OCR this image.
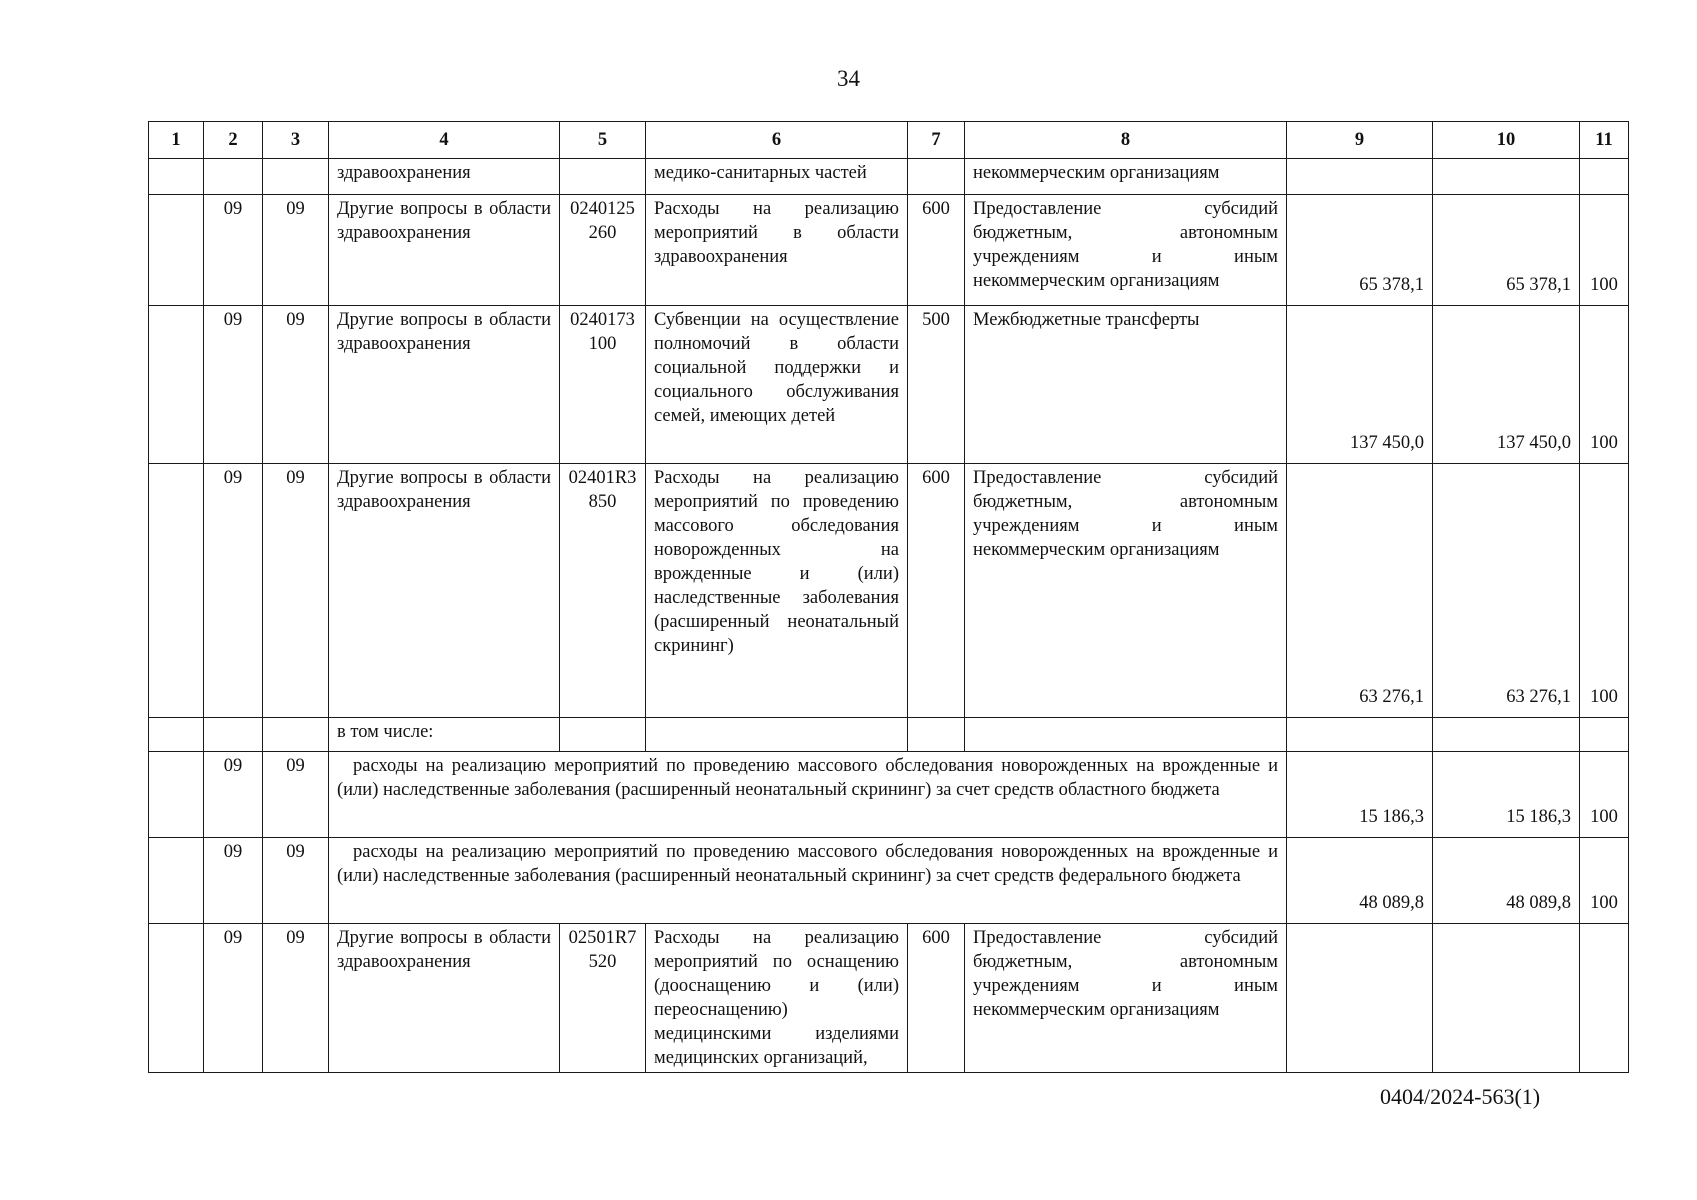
34
1	2	3	4	5	6	7	8	9	10	11
			здравоохранения		медико-санитарных частей		некоммерческим организациям			
	09	09	Другие вопросы в области здравоохранения	0240125260	Расходы на реализацию мероприятий в области здравоохранения	600	Предоставление субсидий бюджетным, автономным учреждениям и иным некоммерческим организациям	65 378,1	65 378,1	100
	09	09	Другие вопросы в области здравоохранения	0240173100	Субвенции на осуществление полномочий в области социальной поддержки и социального обслуживания семей, имеющих детей	500	Межбюджетные трансферты	137 450,0	137 450,0	100
	09	09	Другие вопросы в области здравоохранения	02401R3850	Расходы на реализацию мероприятий по проведению массового обследования новорожденных на врожденные и (или) наследственные заболевания (расширенный неонатальный скрининг)	600	Предоставление субсидий бюджетным, автономным учреждениям и иным некоммерческим организациям	63 276,1	63 276,1	100
			в том числе:							
	09	09	расходы на реализацию мероприятий по проведению массового обследования новорожденных на врожденные и (или) наследственные заболевания (расширенный неонатальный скрининг) за счет средств областного бюджета					15 186,3	15 186,3	100
	09	09	расходы на реализацию мероприятий по проведению массового обследования новорожденных на врожденные и (или) наследственные заболевания (расширенный неонатальный скрининг) за счет средств федерального бюджета					48 089,8	48 089,8	100
	09	09	Другие вопросы в области здравоохранения	02501R7520	Расходы на реализацию мероприятий по оснащению (дооснащению и (или) переоснащению) медицинскими изделиями медицинских организаций,	600	Предоставление субсидий бюджетным, автономным учреждениям и иным некоммерческим организациям			
0404/2024-563(1)
